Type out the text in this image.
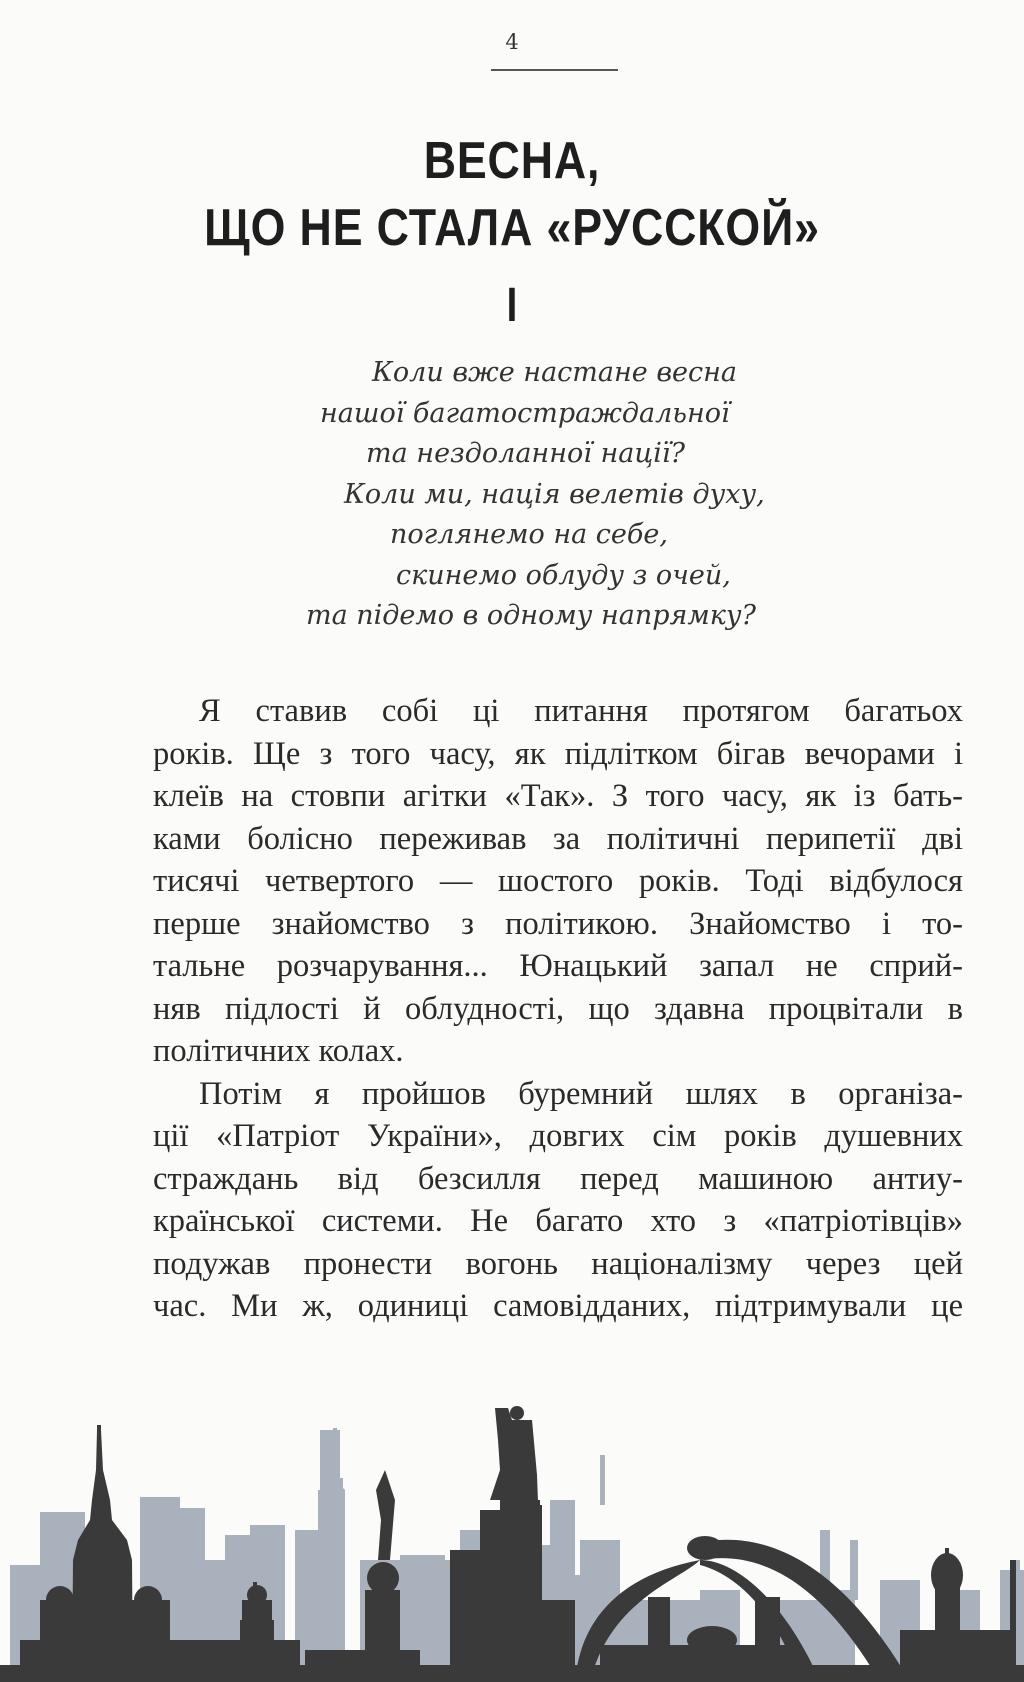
4
ВЕСНА,
ЩО НЕ СТАЛА «РУССКОЙ»
I
Коли вже настане весна
нашої багатостраждальної
та нездоланної нації?
Коли ми, нація велетів духу,
поглянемо на себе,
скинемо облуду з очей,
та підемо в одному напрямку?
Я ставив собі ці питання протягом багатьох
років. Ще з того часу, як підлітком бігав вечорами і
клеїв на стовпи агітки «Так». З того часу, як із бать-
ками болісно переживав за політичні перипетії дві
тисячі четвертого — шостого років. Тоді відбулося
перше знайомство з політикою. Знайомство і то-
тальне розчарування... Юнацький запал не сприй-
няв підлості й облудності, що здавна процвітали в
політичних колах.
Потім я пройшов буремний шлях в організа-
ції «Патріот України», довгих сім років душевних
страждань від безсилля перед машиною антиу-
країнської системи. Не багато хто з «патріотівців»
подужав пронести вогонь націоналізму через цей
час. Ми ж, одиниці самовідданих, підтримували це
